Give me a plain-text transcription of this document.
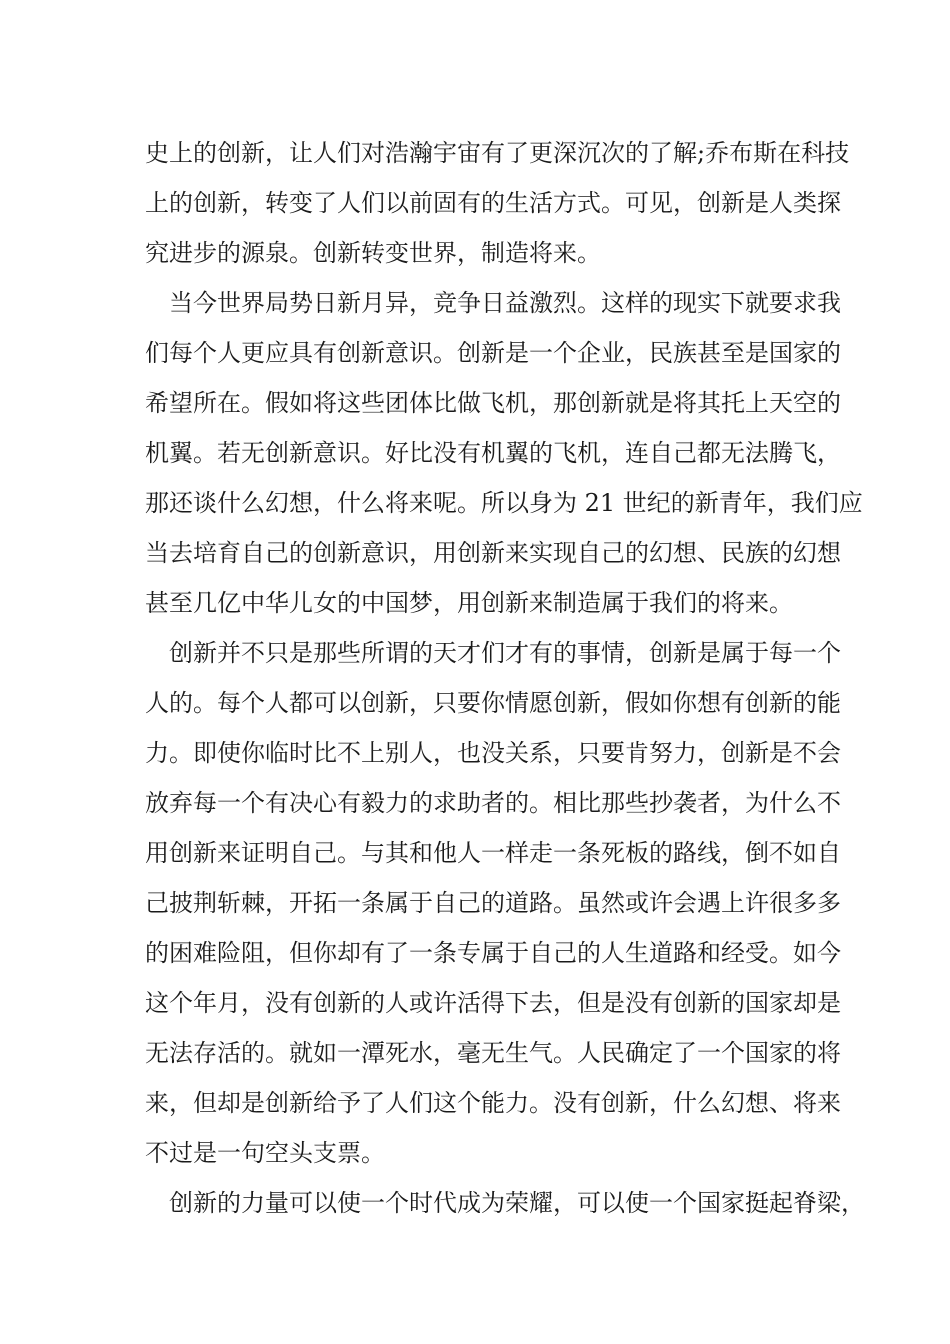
史上的创新，让人们对浩瀚宇宙有了更深沉次的了解;乔布斯在科技
上的创新，转变了人们以前固有的生活方式。可见，创新是人类探
究进步的源泉。创新转变世界，制造将来。
当今世界局势日新月异，竞争日益激烈。这样的现实下就要求我
们每个人更应具有创新意识。创新是一个企业，民族甚至是国家的
希望所在。假如将这些团体比做飞机，那创新就是将其托上天空的
机翼。若无创新意识。好比没有机翼的飞机，连自己都无法腾飞，
那还谈什么幻想，什么将来呢。所以身为 21 世纪的新青年，我们应
当去培育自己的创新意识，用创新来实现自己的幻想、民族的幻想
甚至几亿中华儿女的中国梦，用创新来制造属于我们的将来。
创新并不只是那些所谓的天才们才有的事情，创新是属于每一个
人的。每个人都可以创新，只要你情愿创新，假如你想有创新的能
力。即使你临时比不上别人，也没关系，只要肯努力，创新是不会
放弃每一个有决心有毅力的求助者的。相比那些抄袭者，为什么不
用创新来证明自己。与其和他人一样走一条死板的路线，倒不如自
己披荆斩棘，开拓一条属于自己的道路。虽然或许会遇上许很多多
的困难险阻，但你却有了一条专属于自己的人生道路和经受。如今
这个年月，没有创新的人或许活得下去，但是没有创新的国家却是
无法存活的。就如一潭死水，毫无生气。人民确定了一个国家的将
来，但却是创新给予了人们这个能力。没有创新，什么幻想、将来
不过是一句空头支票。
创新的力量可以使一个时代成为荣耀，可以使一个国家挺起脊梁，
